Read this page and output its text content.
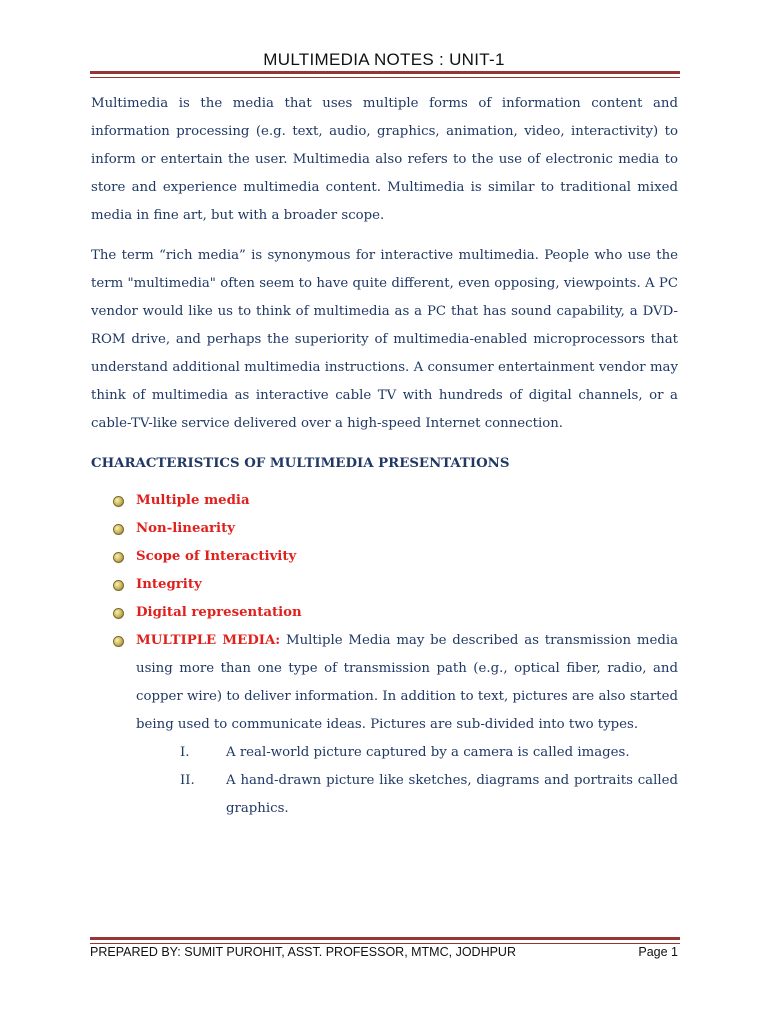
MULTIMEDIA NOTES : UNIT-1

Multimedia is the media that uses multiple forms of information content and information processing (e.g. text, audio, graphics, animation, video, interactivity) to inform or entertain the user. Multimedia also refers to the use of electronic media to store and experience multimedia content. Multimedia is similar to traditional mixed media in fine art, but with a broader scope.

The term “rich media” is synonymous for interactive multimedia. People who use the term "multimedia" often seem to have quite different, even opposing, viewpoints. A PC vendor would like us to think of multimedia as a PC that has sound capability, a DVD-ROM drive, and perhaps the superiority of multimedia-enabled microprocessors that understand additional multimedia instructions. A consumer entertainment vendor may think of multimedia as interactive cable TV with hundreds of digital channels, or a cable-TV-like service delivered over a high-speed Internet connection.

CHARACTERISTICS OF MULTIMEDIA PRESENTATIONS
Multiple media
Non-linearity
Scope of Interactivity
Integrity
Digital representation
MULTIPLE MEDIA: Multiple Media may be described as transmission media using more than one type of transmission path (e.g., optical fiber, radio, and copper wire) to deliver information. In addition to text, pictures are also started being used to communicate ideas. Pictures are sub-divided into two types.
I.	A real-world picture captured by a camera is called images.
II. A hand-drawn picture like sketches, diagrams and portraits called graphics.
PREPARED BY: SUMIT PUROHIT, ASST. PROFESSOR, MTMC, JODHPUR	Page 1
